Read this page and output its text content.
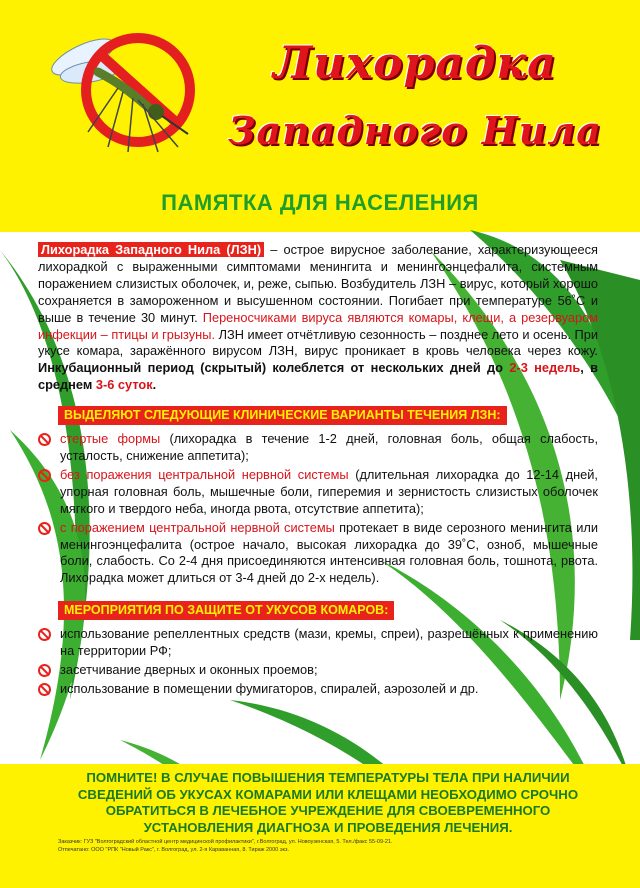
Лихорадка
Западного Нила
ПАМЯТКА ДЛЯ НАСЕЛЕНИЯ
Лихорадка Западного Нила (ЛЗН) – острое вирусное заболевание, характеризующееся лихорадкой с выраженными симптомами менингита и менингоэнцефалита, системным поражением слизистых оболочек, и, реже, сыпью. Возбудитель ЛЗН – вирус, который хорошо сохраняется в замороженном и высушенном состоянии. Погибает при температуре 56˚С и выше в течение 30 минут. Переносчиками вируса являются комары, клещи, а резервуаром инфекции – птицы и грызуны. ЛЗН имеет отчётливую сезонность – позднее лето и осень. При укусе комара, заражённого вирусом ЛЗН, вирус проникает в кровь человека через кожу. Инкубационный период (скрытый) колеблется от нескольких дней до 2-3 недель, в среднем 3-6 суток.
ВЫДЕЛЯЮТ СЛЕДУЮЩИЕ КЛИНИЧЕСКИЕ ВАРИАНТЫ ТЕЧЕНИЯ ЛЗН:
стертые формы (лихорадка в течение 1-2 дней, головная боль, общая слабость, усталость, снижение аппетита);
без поражения центральной нервной системы (длительная лихорадка до 12-14 дней, упорная головная боль, мышечные боли, гиперемия и зернистость слизистых оболочек мягкого и твердого неба, иногда рвота, отсутствие аппетита);
с поражением центральной нервной системы протекает в виде серозного менингита или менингоэнцефалита (острое начало, высокая лихорадка до 39˚С, озноб, мышечные боли, слабость. Со 2-4 дня присоединяются интенсивная головная боль, тошнота, рвота. Лихорадка может длиться от 3-4 дней до 2-х недель).
МЕРОПРИЯТИЯ ПО ЗАЩИТЕ ОТ УКУСОВ КОМАРОВ:
использование репеллентных средств (мази, кремы, спреи), разрешённых к применению на территории РФ;
засетчивание дверных и оконных проемов;
использование в помещении фумигаторов, спиралей, аэрозолей и др.
ПОМНИТЕ! В СЛУЧАЕ ПОВЫШЕНИЯ ТЕМПЕРАТУРЫ ТЕЛА ПРИ НАЛИЧИИ СВЕДЕНИЙ ОБ УКУСАХ КОМАРАМИ ИЛИ КЛЕЩАМИ НЕОБХОДИМО СРОЧНО ОБРАТИТЬСЯ В ЛЕЧЕБНОЕ УЧРЕЖДЕНИЕ ДЛЯ СВОЕВРЕМЕННОГО УСТАНОВЛЕНИЯ ДИАГНОЗА И ПРОВЕДЕНИЯ ЛЕЧЕНИЯ.
Заказчик: ГУЗ "Волгоградский областной центр медицинской профилактики", г.Волгоград, ул. Новоузенская, 5. Тел./факс 55-09-21.
Отпечатано: ООО "РПК "Новый Ракс", г. Волгоград, ул. 2-я Караванная, 8. Тираж 2000 экз.
